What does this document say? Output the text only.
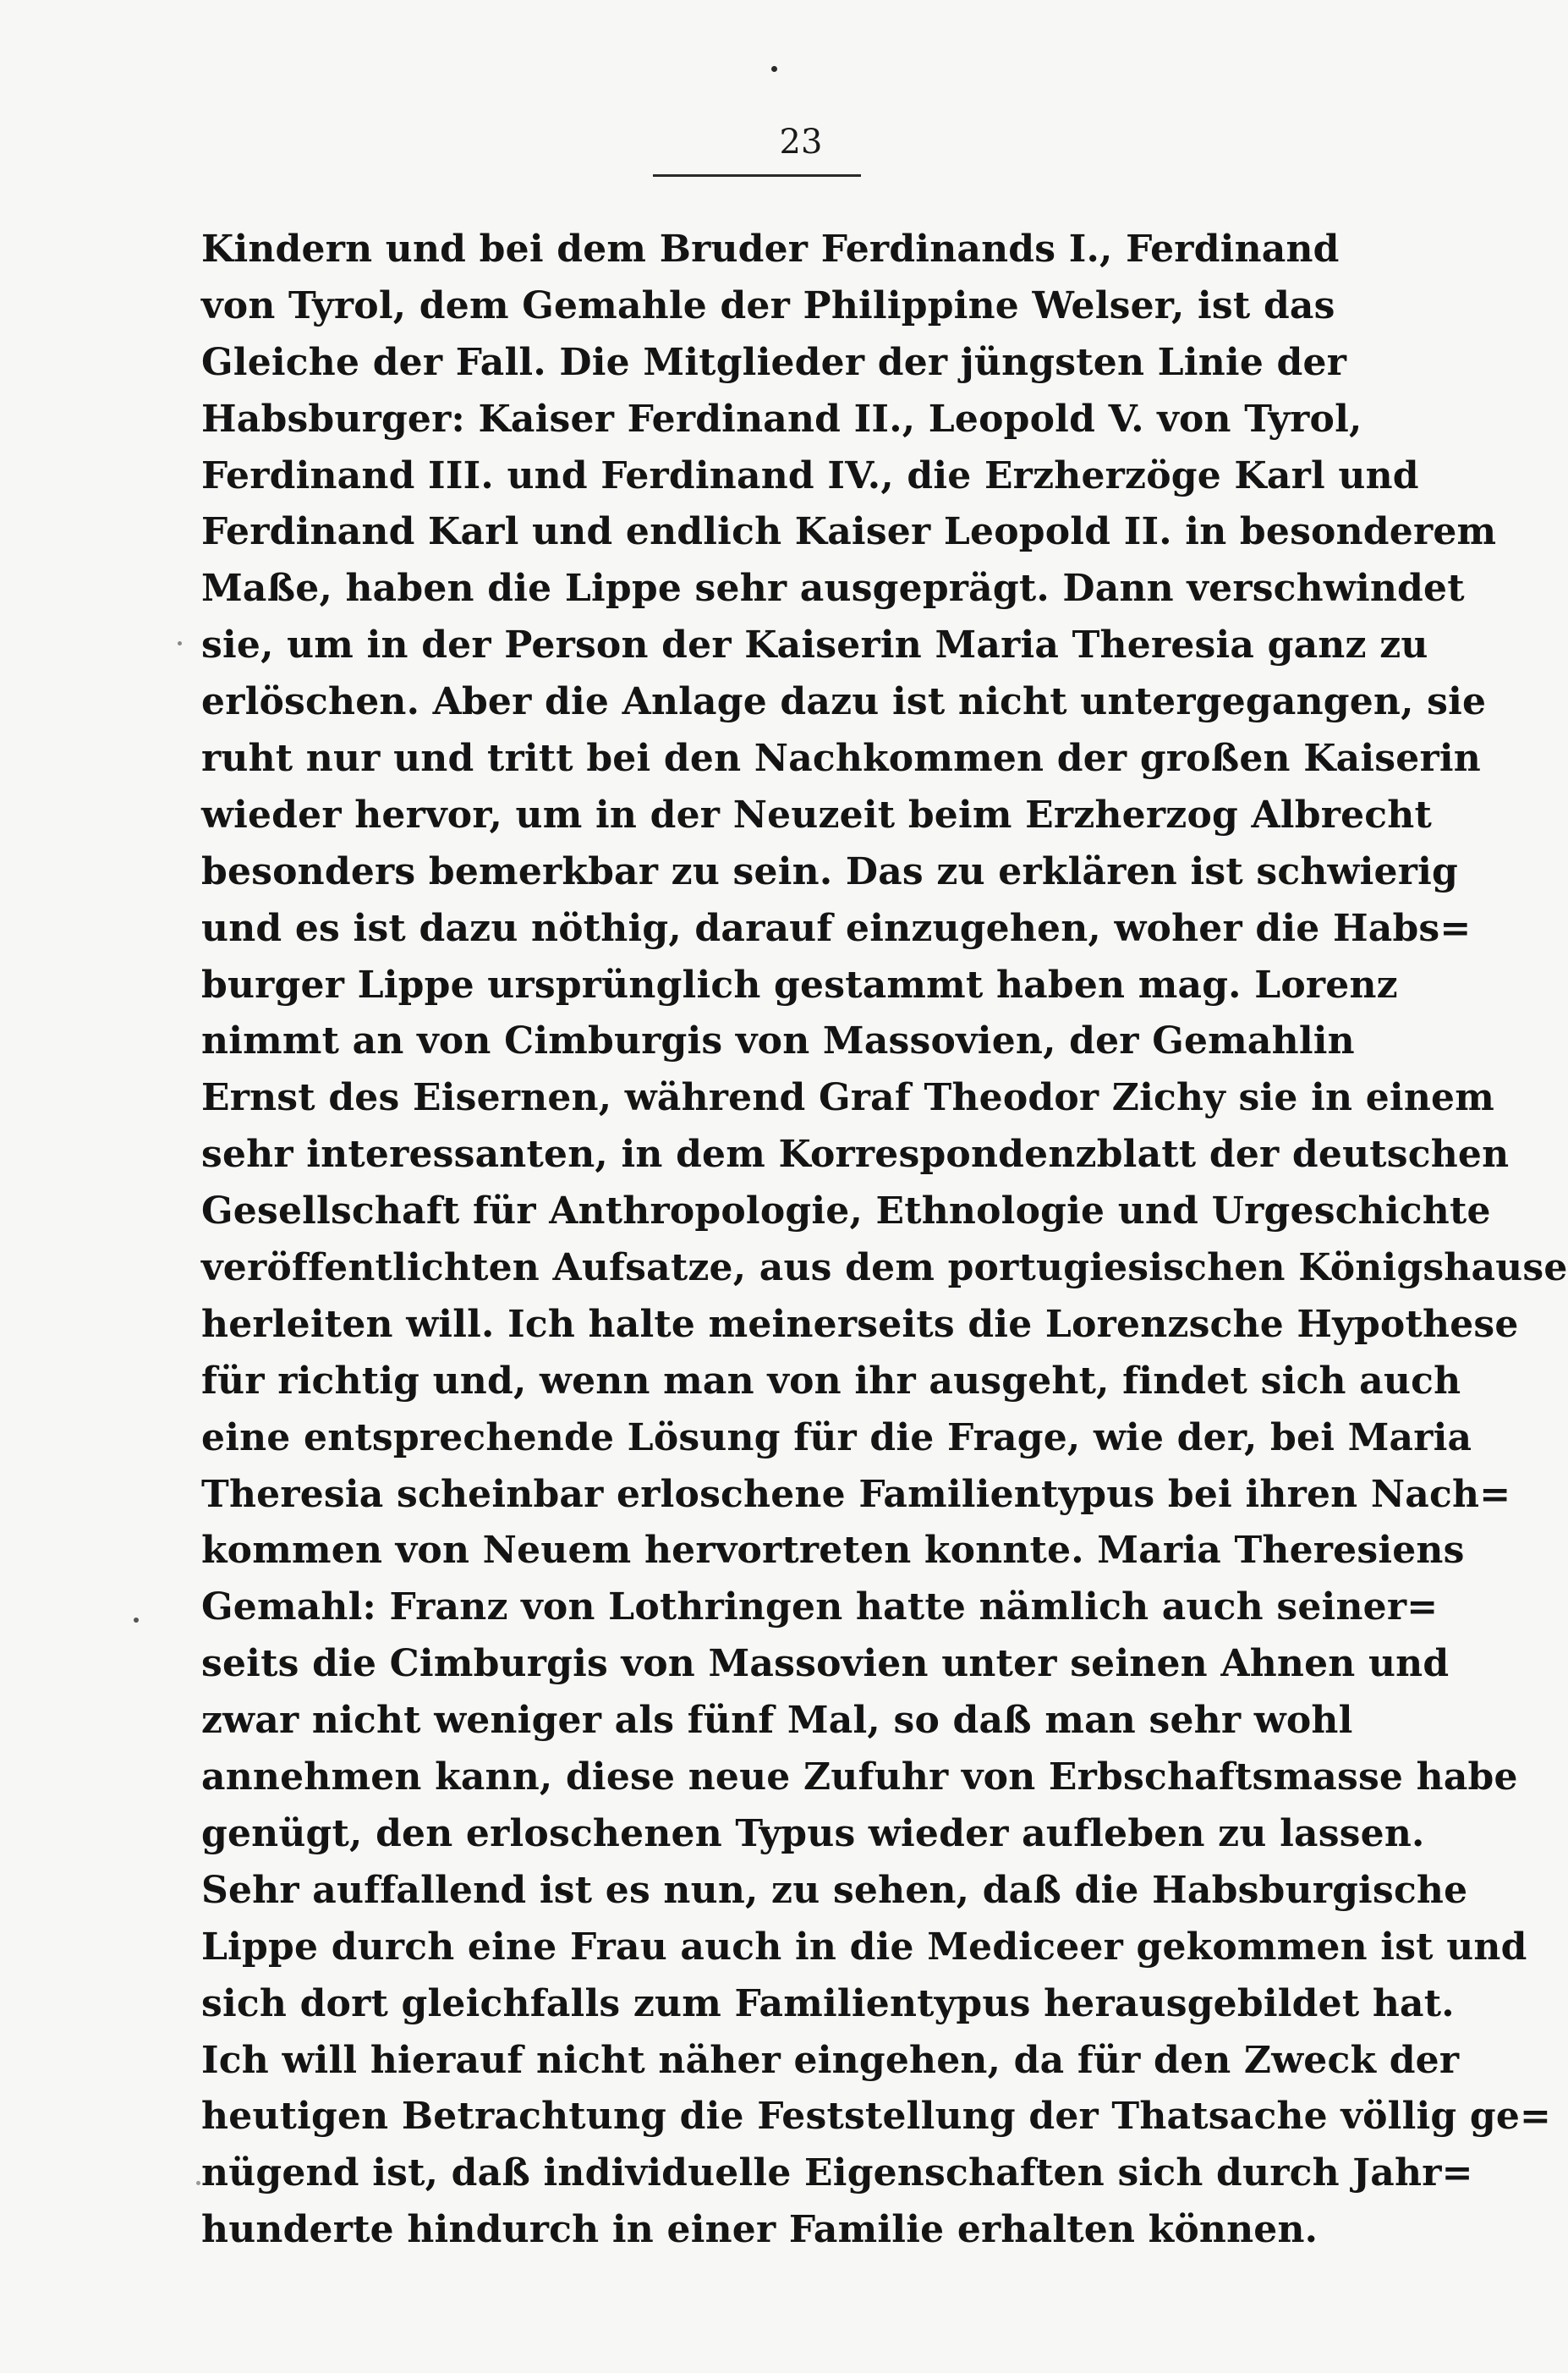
23
Kindern und bei dem Bruder Ferdinands I., Ferdinand
von Tyrol, dem Gemahle der Philippine Welser, ist das
Gleiche der Fall. Die Mitglieder der jüngsten Linie der
Habsburger: Kaiser Ferdinand II., Leopold V. von Tyrol,
Ferdinand III. und Ferdinand IV., die Erzherzöge Karl und
Ferdinand Karl und endlich Kaiser Leopold II. in besonderem
Maße, haben die Lippe sehr ausgeprägt. Dann verschwindet
sie, um in der Person der Kaiserin Maria Theresia ganz zu
erlöschen. Aber die Anlage dazu ist nicht untergegangen, sie
ruht nur und tritt bei den Nachkommen der großen Kaiserin
wieder hervor, um in der Neuzeit beim Erzherzog Albrecht
besonders bemerkbar zu sein. Das zu erklären ist schwierig
und es ist dazu nöthig, darauf einzugehen, woher die Habs=
burger Lippe ursprünglich gestammt haben mag. Lorenz
nimmt an von Cimburgis von Massovien, der Gemahlin
Ernst des Eisernen, während Graf Theodor Zichy sie in einem
sehr interessanten, in dem Korrespondenzblatt der deutschen
Gesellschaft für Anthropologie, Ethnologie und Urgeschichte
veröffentlichten Aufsatze, aus dem portugiesischen Königshause
herleiten will. Ich halte meinerseits die Lorenzsche Hypothese
für richtig und, wenn man von ihr ausgeht, findet sich auch
eine entsprechende Lösung für die Frage, wie der, bei Maria
Theresia scheinbar erloschene Familientypus bei ihren Nach=
kommen von Neuem hervortreten konnte. Maria Theresiens
Gemahl: Franz von Lothringen hatte nämlich auch seiner=
seits die Cimburgis von Massovien unter seinen Ahnen und
zwar nicht weniger als fünf Mal, so daß man sehr wohl
annehmen kann, diese neue Zufuhr von Erbschaftsmasse habe
genügt, den erloschenen Typus wieder aufleben zu lassen.
Sehr auffallend ist es nun, zu sehen, daß die Habsburgische
Lippe durch eine Frau auch in die Mediceer gekommen ist und
sich dort gleichfalls zum Familientypus herausgebildet hat.
Ich will hierauf nicht näher eingehen, da für den Zweck der
heutigen Betrachtung die Feststellung der Thatsache völlig ge=
nügend ist, daß individuelle Eigenschaften sich durch Jahr=
hunderte hindurch in einer Familie erhalten können.
